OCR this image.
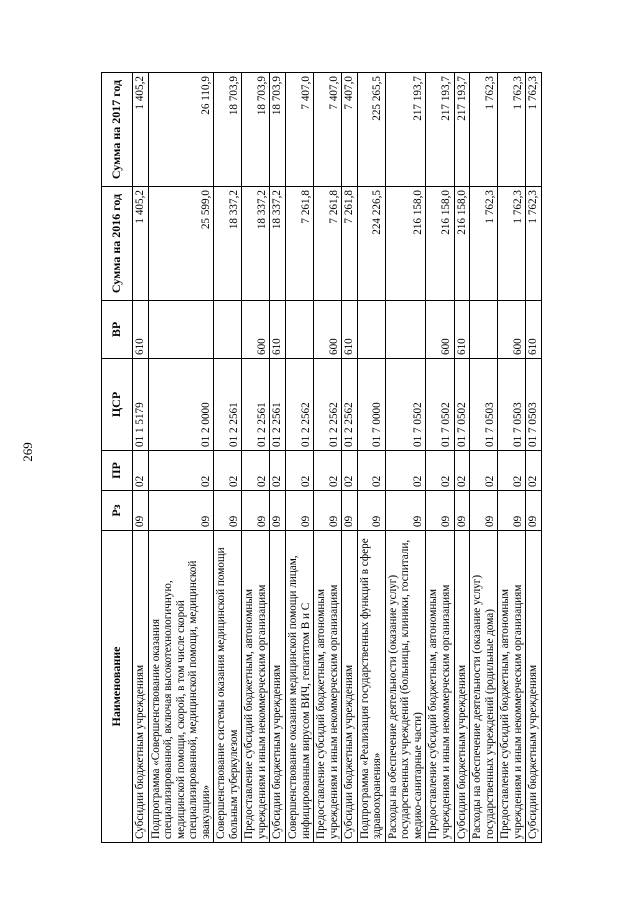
269
Наименование	Рз	ПР	ЦСР	ВР	Сумма на 2016 год	Сумма на 2017 год
Субсидии бюджетным учреждениям	09	02	01 1 5179	610	1 405,2	1 405,2
Подпрограмма «Совершенствование оказания специализированной, включая высокотехнологичную, медицинской помощи, скорой, в том числе скорой специализированной, медицинской помощи, медицинской эвакуации»	09	02	01 2 0000		25 599,0	26 110,9
Совершенствование системы оказания медицинской помощи больным туберкулезом	09	02	01 2 2561		18 337,2	18 703,9
Предоставление субсидий бюджетным, автономным учреждениям и иным некоммерческим организациям	09	02	01 2 2561	600	18 337,2	18 703,9
Субсидии бюджетным учреждениям	09	02	01 2 2561	610	18 337,2	18 703,9
Совершенствование оказания медицинской помощи лицам, инфицированным вирусом ВИЧ, гепатитом В и С	09	02	01 2 2562		7 261,8	7 407,0
Предоставление субсидий бюджетным, автономным учреждениям и иным некоммерческим организациям	09	02	01 2 2562	600	7 261,8	7 407,0
Субсидии бюджетным учреждениям	09	02	01 2 2562	610	7 261,8	7 407,0
Подпрограмма «Реализация государственных функций в сфере здравоохранения»	09	02	01 7 0000		224 226,5	225 265,5
Расходы на обеспечение деятельности (оказание услуг) государственных учреждений (больницы, клиники, госпитали, медико-санитарные части)	09	02	01 7 0502		216 158,0	217 193,7
Предоставление субсидий бюджетным, автономным учреждениям и иным некоммерческим организациям	09	02	01 7 0502	600	216 158,0	217 193,7
Субсидии бюджетным учреждениям	09	02	01 7 0502	610	216 158,0	217 193,7
Расходы на обеспечение деятельности (оказание услуг) государственных учреждений (родильные дома)	09	02	01 7 0503		1 762,3	1 762,3
Предоставление субсидий бюджетным, автономным учреждениям и иным некоммерческим организациям	09	02	01 7 0503	600	1 762,3	1 762,3
Субсидии бюджетным учреждениям	09	02	01 7 0503	610	1 762,3	1 762,3
